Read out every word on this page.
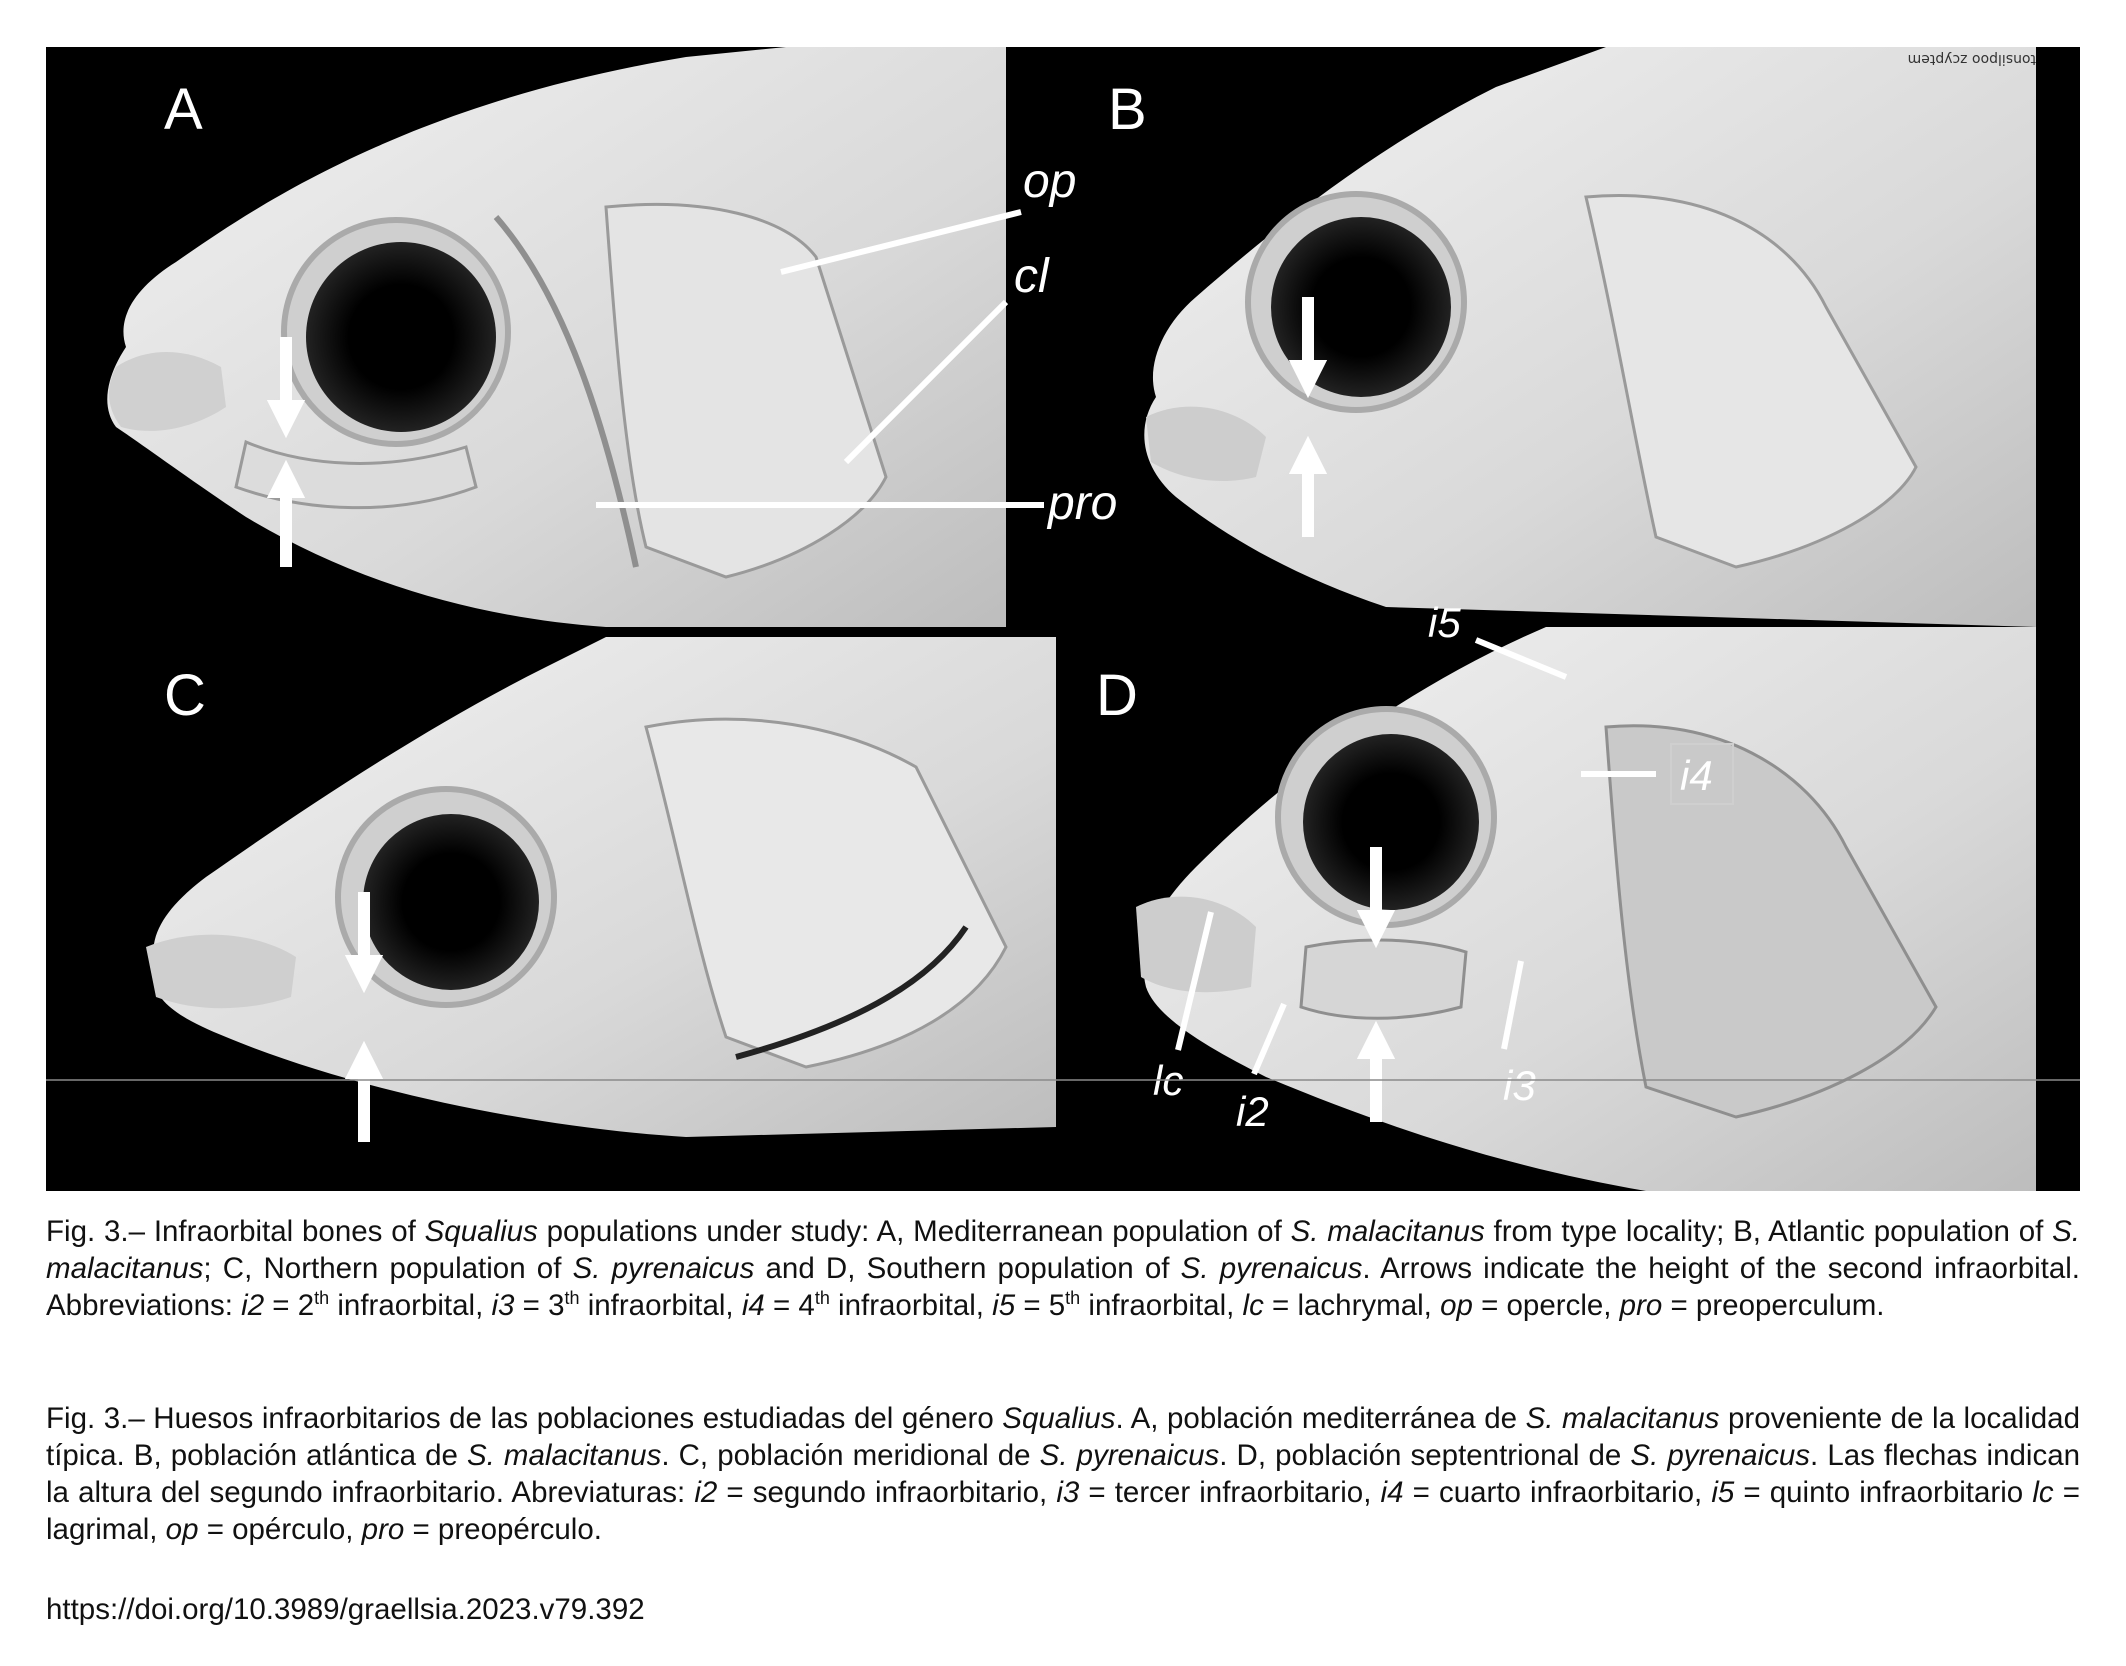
A
op
cl
pro
tonsilpoo zcyptem
B
C	D
i5
i4
lc
i2
i3
Fig. 3.– Infraorbital bones of Squalius populations under study: A, Mediterranean population of S. malacitanus from type locality; B, Atlantic population of S. malacitanus; C, Northern population of S. pyrenaicus and D, Southern population of S. pyrenaicus. Arrows indicate the height of the second infraorbital. Abbreviations: i2 = 2th infraorbital, i3 = 3th infraorbital, i4 = 4th infraorbital, i5 = 5th infraorbital, lc = lachrymal, op = opercle, pro = preoperculum.
Fig. 3.– Huesos infraorbitarios de las poblaciones estudiadas del género Squalius. A, población mediterránea de S. malacitanus proveniente de la localidad típica. B, población atlántica de S. malacitanus. C, población meridional de S. pyrenaicus. D, población septentrional de S. pyrenaicus. Las flechas indican la altura del segundo infraorbitario. Abreviaturas: i2 = segundo infraorbitario, i3 = tercer infraorbitario, i4 = cuarto infraorbitario, i5 = quinto infraorbitario lc = lagrimal, op = opérculo, pro = preopérculo.
https://doi.org/10.3989/graellsia.2023.v79.392
